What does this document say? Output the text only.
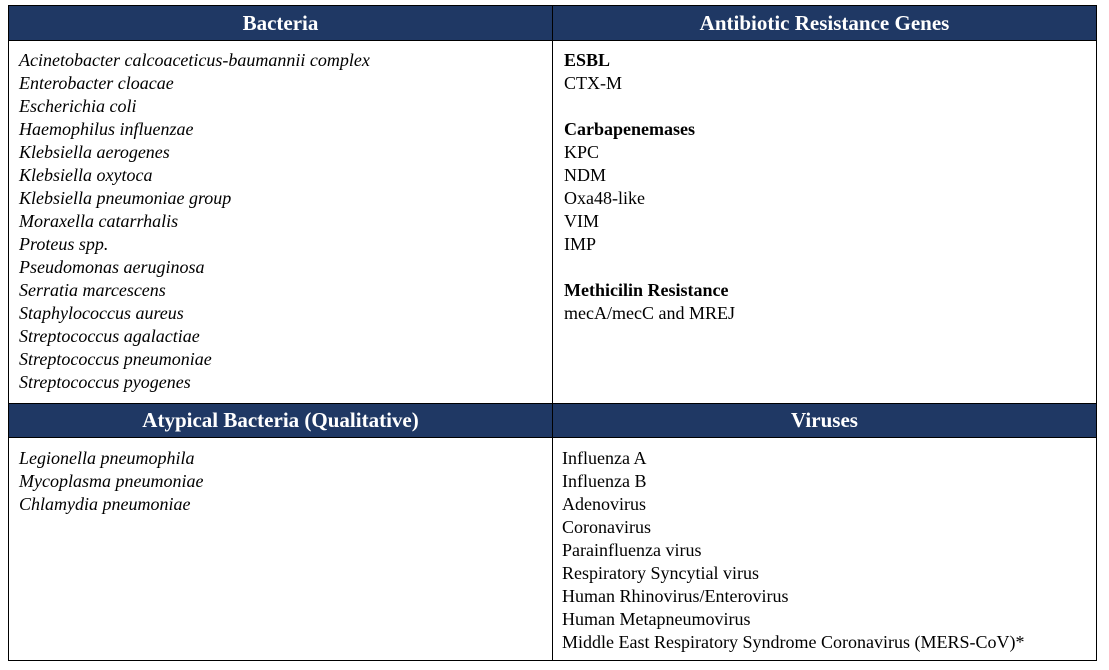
Bacteria	Antibiotic Resistance Genes
Acinetobacter calcoaceticus-baumannii complex
Enterobacter cloacae
Escherichia coli
Haemophilus influenzae
Klebsiella aerogenes
Klebsiella oxytoca
Klebsiella pneumoniae group
Moraxella catarrhalis
Proteus spp.
Pseudomonas aeruginosa
Serratia marcescens
Staphylococcus aureus
Streptococcus agalactiae
Streptococcus pneumoniae
Streptococcus pyogenes
ESBL
CTX-M
Carbapenemases
KPC
NDM
Oxa48-like
VIM
IMP
Methicilin Resistance
mecA/mecC and MREJ
Atypical Bacteria (Qualitative)	Viruses
Legionella pneumophila
Mycoplasma pneumoniae
Chlamydia pneumoniae
Influenza A
Influenza B
Adenovirus
Coronavirus
Parainfluenza virus
Respiratory Syncytial virus
Human Rhinovirus/Enterovirus
Human Metapneumovirus
Middle East Respiratory Syndrome Coronavirus (MERS-CoV)*
